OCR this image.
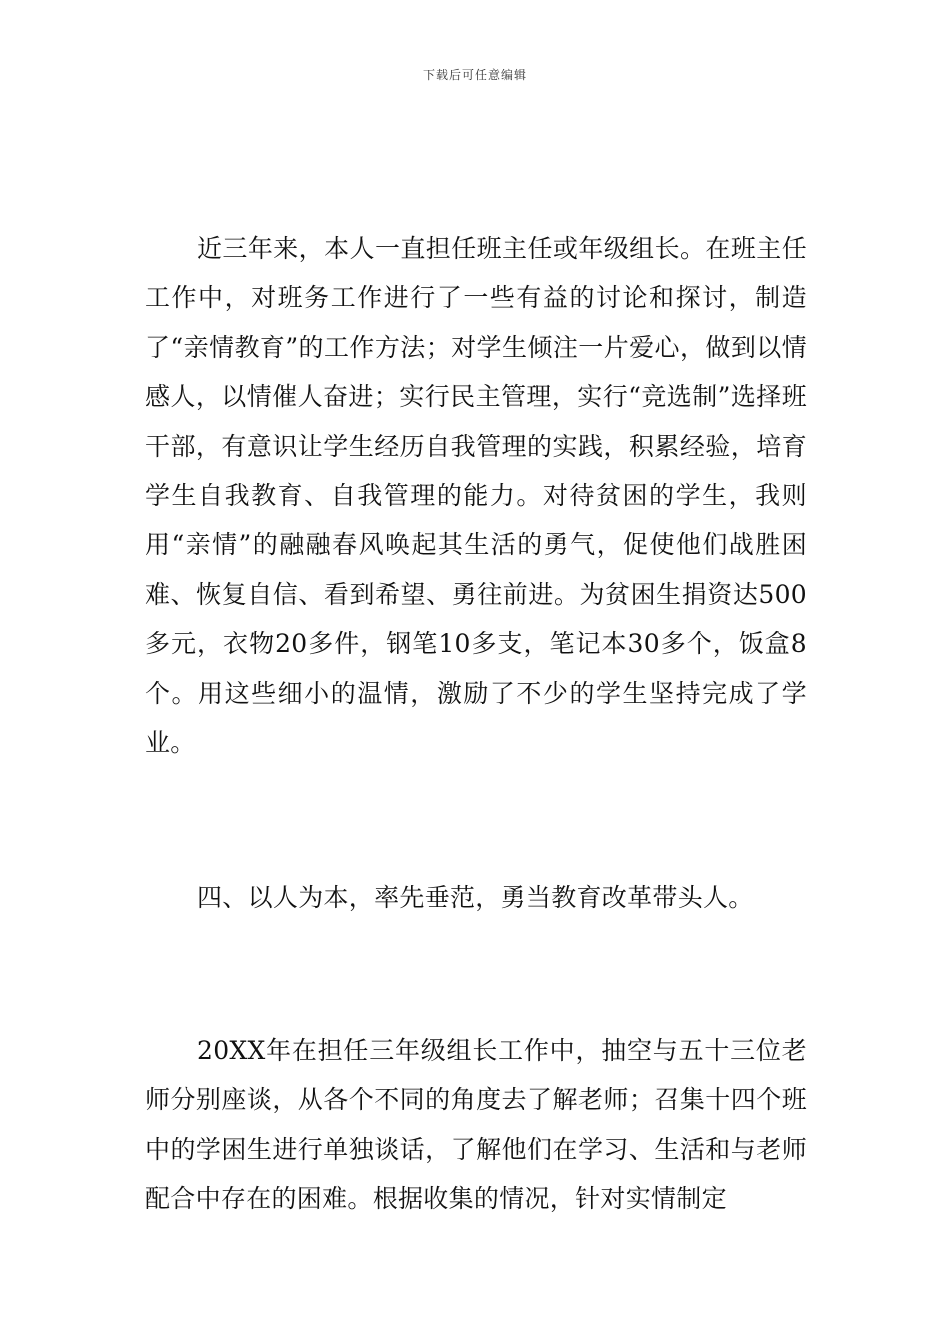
下载后可任意编辑

近三年来，本人一直担任班主任或年级组长。在班主任工作中，对班务工作进行了一些有益的讨论和探讨，制造了“亲情教育”的工作方法；对学生倾注一片爱心，做到以情感人，以情催人奋进；实行民主管理，实行“竞选制”选择班干部，有意识让学生经历自我管理的实践，积累经验，培育学生自我教育、自我管理的能力。对待贫困的学生，我则用“亲情”的融融春风唤起其生活的勇气，促使他们战胜困难、恢复自信、看到希望、勇往前进。为贫困生捐资达500多元，衣物20多件，钢笔10多支，笔记本30多个，饭盒8个。用这些细小的温情，激励了不少的学生坚持完成了学业。

四、以人为本，率先垂范，勇当教育改革带头人。

20XX年在担任三年级组长工作中，抽空与五十三位老师分别座谈，从各个不同的角度去了解老师；召集十四个班中的学困生进行单独谈话，了解他们在学习、生活和与老师配合中存在的困难。根据收集的情况，针对实情制定
